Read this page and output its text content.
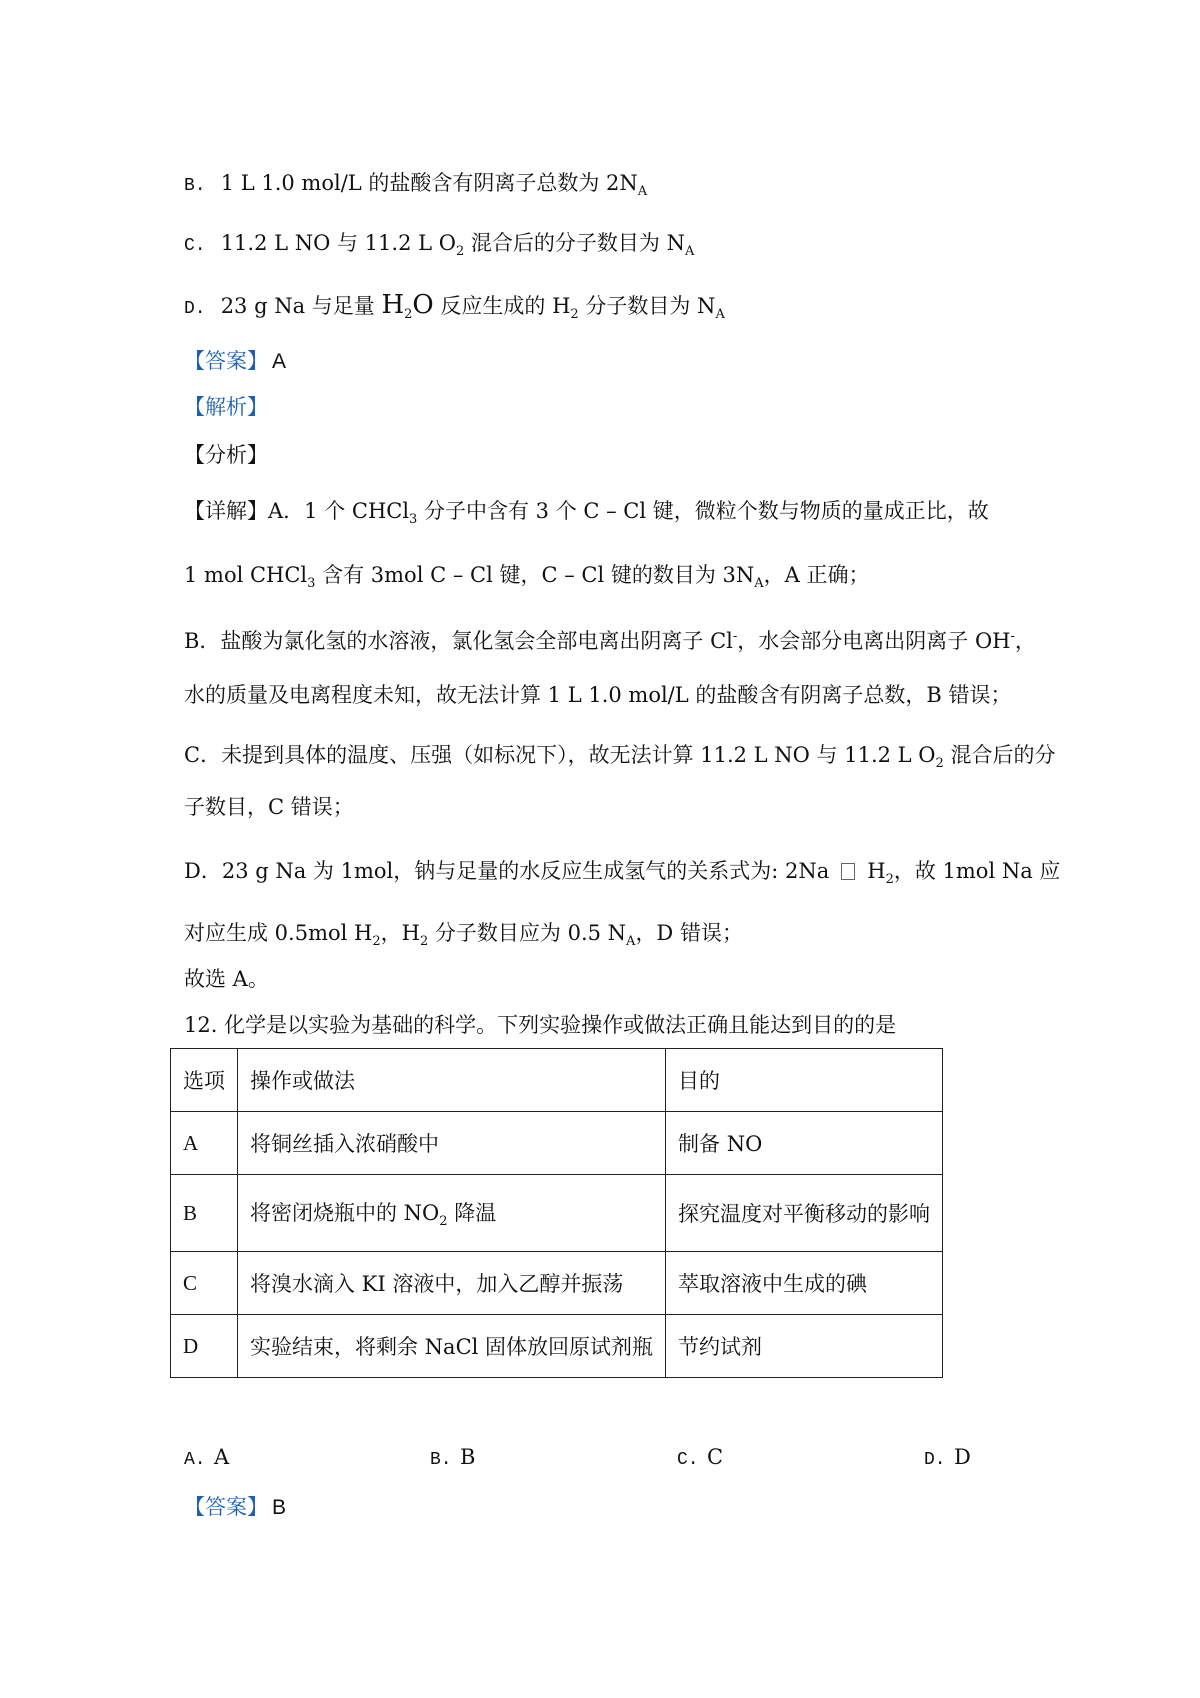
B. 1 L 1.0 mol/L 的盐酸含有阴离子总数为 $2N_A$

C. 11.2 L NO 与 11.2 L $O_2$ 混合后的分子数目为 $N_A$

D. 23 g Na 与足量 $H_2O$ 反应生成的 $H_2$ 分子数目为 $N_A$

【答案】 A

【解析】

【分析】

【详解】A．1 个 CHCl$_3$ 分子中含有 3 个 C – Cl 键，微粒个数与物质的量成正比，故

1 mol CHCl$_3$ 含有 3mol C – Cl 键，C – Cl 键的数目为 $3N_A$，A 正确；

B．盐酸为氯化氢的水溶液，氯化氢会全部电离出阴离子 Cl-，水会部分电离出阴离子 OH-，

水的质量及电离程度未知，故无法计算 1 L 1.0 mol/L 的盐酸含有阴离子总数，B 错误；

C．未提到具体的温度、压强（如标况下），故无法计算 11.2 L NO 与 11.2 L $O_2$ 混合后的分

子数目，C 错误；

D．23 g Na 为 1mol，钠与足量的水反应生成氢气的关系式为: 2Na $H_2$，故 1mol Na 应

对应生成 0.5mol $H_2$，$H_2$ 分子数目应为 0.5 $N_A$，D 错误；

故选 A。

12. 化学是以实验为基础的科学。下列实验操作或做法正确且能达到目的的是

选项	操作或做法	目的
A	将铜丝插入浓硝酸中	制备 NO
B	将密闭烧瓶中的 $NO_2$ 降温	探究温度对平衡移动的影响
C	将溴水滴入 KI 溶液中，加入乙醇并振荡	萃取溶液中生成的碘
D	实验结束，将剩余 NaCl 固体放回原试剂瓶	节约试剂
A. A	B. B	C. C	D. D

【答案】 B
